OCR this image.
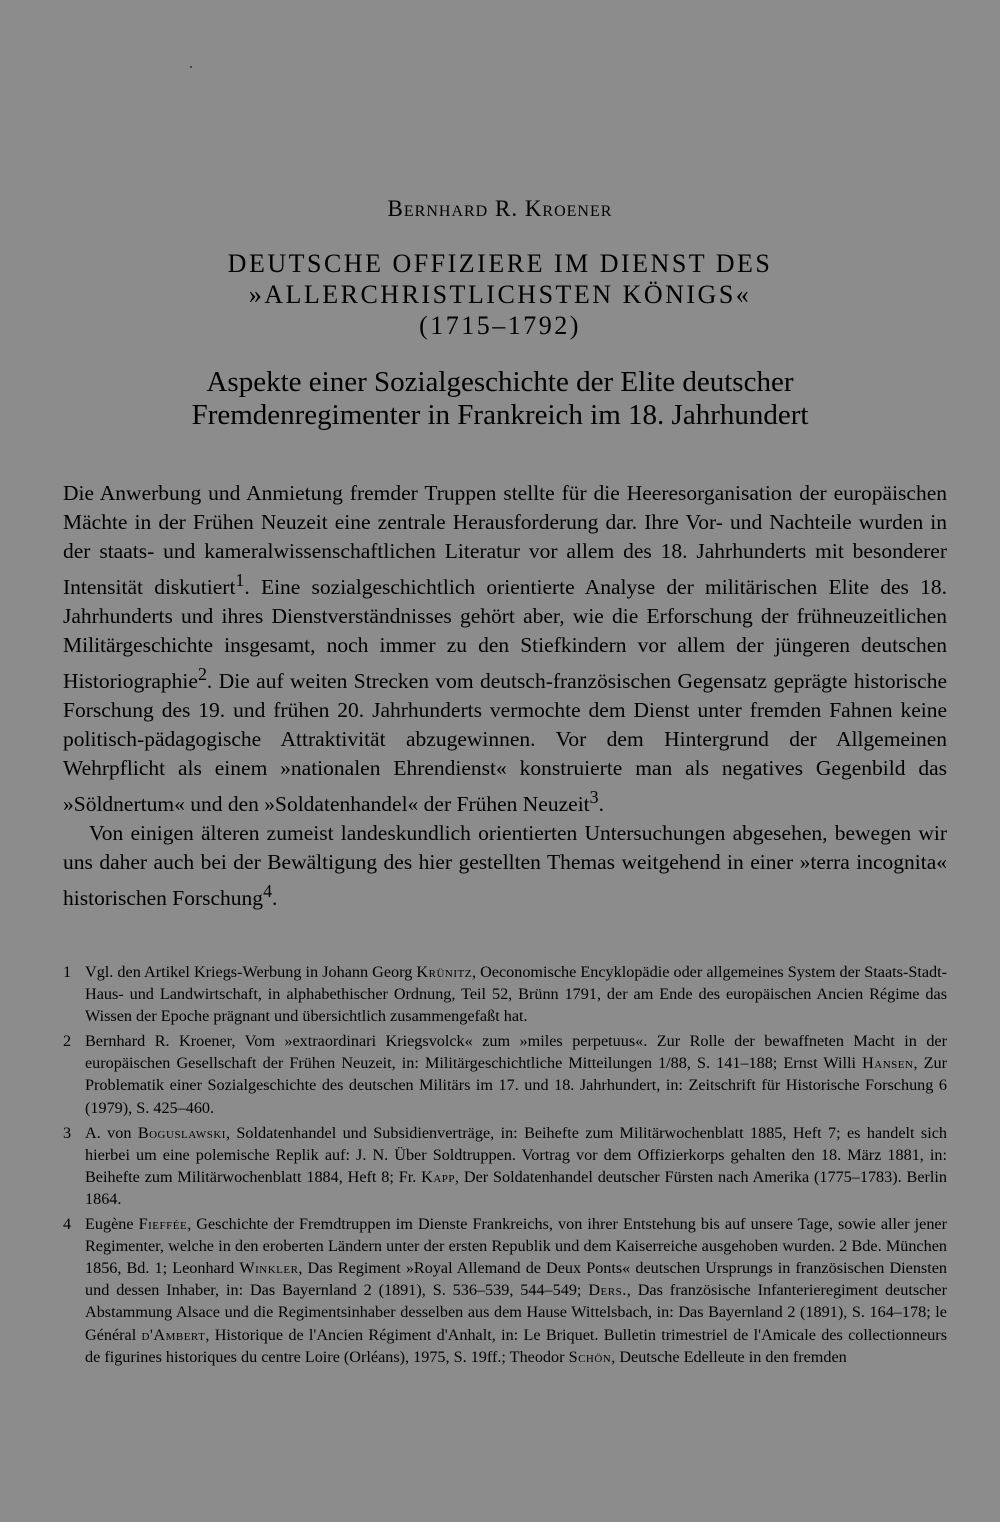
Bernhard R. Kroener
DEUTSCHE OFFIZIERE IM DIENST DES
»ALLERCHRISTLICHSTEN KÖNIGS«
(1715–1792)
Aspekte einer Sozialgeschichte der Elite deutscher
Fremdenregimenter in Frankreich im 18. Jahrhundert
Die Anwerbung und Anmietung fremder Truppen stellte für die Heeresorganisation der europäischen Mächte in der Frühen Neuzeit eine zentrale Herausforderung dar. Ihre Vor- und Nachteile wurden in der staats- und kameralwissenschaftlichen Literatur vor allem des 18. Jahrhunderts mit besonderer Intensität diskutiert$^1$. Eine sozialgeschichtlich orientierte Analyse der militärischen Elite des 18. Jahrhunderts und ihres Dienstverständnisses gehört aber, wie die Erforschung der frühneuzeitlichen Militärgeschichte insgesamt, noch immer zu den Stiefkindern vor allem der jüngeren deutschen Historiographie$^2$. Die auf weiten Strecken vom deutsch-französischen Gegensatz geprägte historische Forschung des 19. und frühen 20. Jahrhunderts vermochte dem Dienst unter fremden Fahnen keine politisch-pädagogische Attraktivität abzugewinnen. Vor dem Hintergrund der Allgemeinen Wehrpflicht als einem »nationalen Ehrendienst« konstruierte man als negatives Gegenbild das »Söldnertum« und den »Soldatenhandel« der Frühen Neuzeit$^3$.
Von einigen älteren zumeist landeskundlich orientierten Untersuchungen abgesehen, bewegen wir uns daher auch bei der Bewältigung des hier gestellten Themas weitgehend in einer »terra incognita« historischen Forschung$^4$.
1 Vgl. den Artikel Kriegs-Werbung in Johann Georg Krünitz, Oeconomische Encyklopädie oder allgemeines System der Staats-Stadt-Haus- und Landwirtschaft, in alphabethischer Ordnung, Teil 52, Brünn 1791, der am Ende des europäischen Ancien Régime das Wissen der Epoche prägnant und übersichtlich zusammengefaßt hat.
2 Bernhard R. Kroener, Vom »extraordinari Kriegsvolck« zum »miles perpetuus«. Zur Rolle der bewaffneten Macht in der europäischen Gesellschaft der Frühen Neuzeit, in: Militärgeschichtliche Mitteilungen 1/88, S. 141–188; Ernst Willi Hansen, Zur Problematik einer Sozialgeschichte des deutschen Militärs im 17. und 18. Jahrhundert, in: Zeitschrift für Historische Forschung 6 (1979), S. 425–460.
3 A. von Boguslawski, Soldatenhandel und Subsidienverträge, in: Beihefte zum Militärwochenblatt 1885, Heft 7; es handelt sich hierbei um eine polemische Replik auf: J. N. Über Soldtruppen. Vortrag vor dem Offizierkorps gehalten den 18. März 1881, in: Beihefte zum Militärwochenblatt 1884, Heft 8; Fr. Kapp, Der Soldatenhandel deutscher Fürsten nach Amerika (1775–1783). Berlin 1864.
4 Eugène Fieffée, Geschichte der Fremdtruppen im Dienste Frankreichs, von ihrer Entstehung bis auf unsere Tage, sowie aller jener Regimenter, welche in den eroberten Ländern unter der ersten Republik und dem Kaiserreiche ausgehoben wurden. 2 Bde. München 1856, Bd. 1; Leonhard Winkler, Das Regiment »Royal Allemand de Deux Ponts« deutschen Ursprungs in französischen Diensten und dessen Inhaber, in: Das Bayernland 2 (1891), S. 536–539, 544–549; Ders., Das französische Infanterieregiment deutscher Abstammung Alsace und die Regimentsinhaber desselben aus dem Hause Wittelsbach, in: Das Bayernland 2 (1891), S. 164–178; le Général d'Ambert, Historique de l'Ancien Régiment d'Anhalt, in: Le Briquet. Bulletin trimestriel de l'Amicale des collectionneurs de figurines historiques du centre Loire (Orléans), 1975, S. 19ff.; Theodor Schön, Deutsche Edelleute in den fremden
